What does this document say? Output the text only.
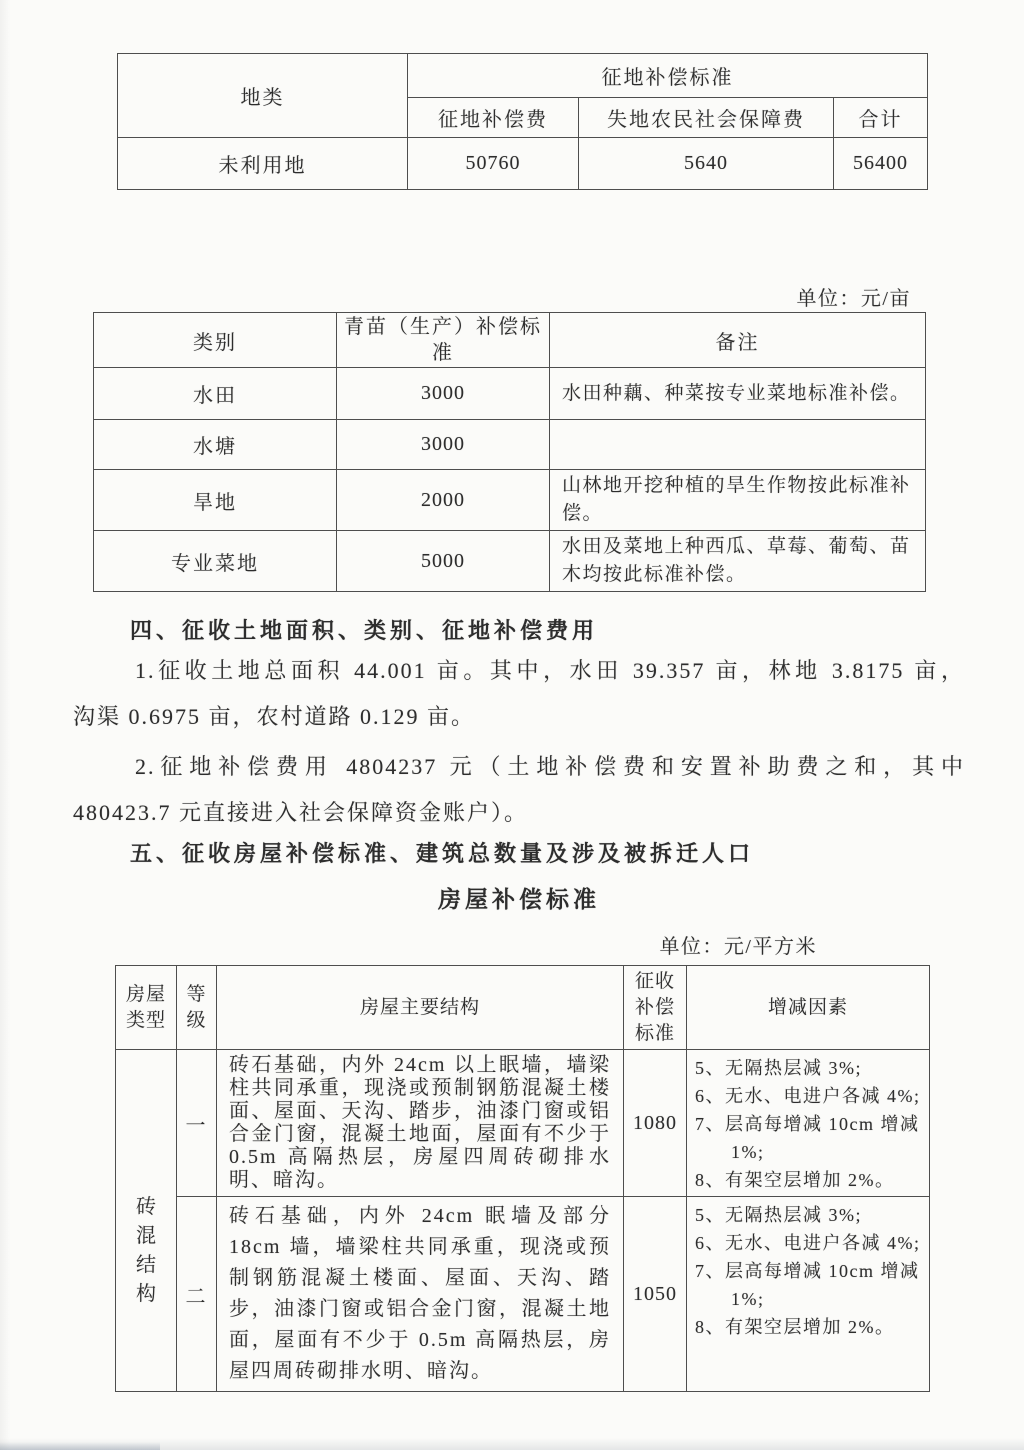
地类	征地补偿标准		
	征地补偿费	失地农民社会保障费	合计
未利用地	50760	5640	56400
单位：元/亩
类别	青苗（生产）补偿标准	备注
水田	3000	水田种藕、种菜按专业菜地标准补偿。
水塘	3000	
旱地	2000	山林地开挖种植的旱生作物按此标准补偿。
专业菜地	5000	水田及菜地上种西瓜、草莓、葡萄、苗木均按此标准补偿。
四、征收土地面积、类别、征地补偿费用
1.征收土地总面积 44.001 亩。其中，水田 39.357 亩，林地 3.8175 亩，
沟渠 0.6975 亩，农村道路 0.129 亩。
2.征地补偿费用 4804237 元（土地补偿费和安置补助费之和，其中
480423.7 元直接进入社会保障资金账户）。
五、征收房屋补偿标准、建筑总数量及涉及被拆迁人口
房屋补偿标准
单位：元/平方米
房屋类型	等级	房屋主要结构	征收补偿标准	增减因素

砖混结构	一	砖石基础，内外 24cm 以上眠墙，墙梁柱共同承重，现浇或预制钢筋混凝土楼面、屋面、天沟、踏步，油漆门窗或铝合金门窗，混凝土地面，屋面有不少于 0.5m 高隔热层，房屋四周砖砌排水明、暗沟。	1080	5、无隔热层减 3%;
6、无水、电进户各减 4%;
7、层高每增减 10cm 增减 1%;
8、有架空层增加 2%。

	二	砖石基础，内外 24cm 眠墙及部分 18cm 墙，墙梁柱共同承重，现浇或预制钢筋混凝土楼面、屋面、天沟、踏步，油漆门窗或铝合金门窗，混凝土地面，屋面有不少于 0.5m 高隔热层，房屋四周砖砌排水明、暗沟。	1050	5、无隔热层减 3%;
6、无水、电进户各减 4%;
7、层高每增减 10cm 增减 1%;
8、有架空层增加 2%。
